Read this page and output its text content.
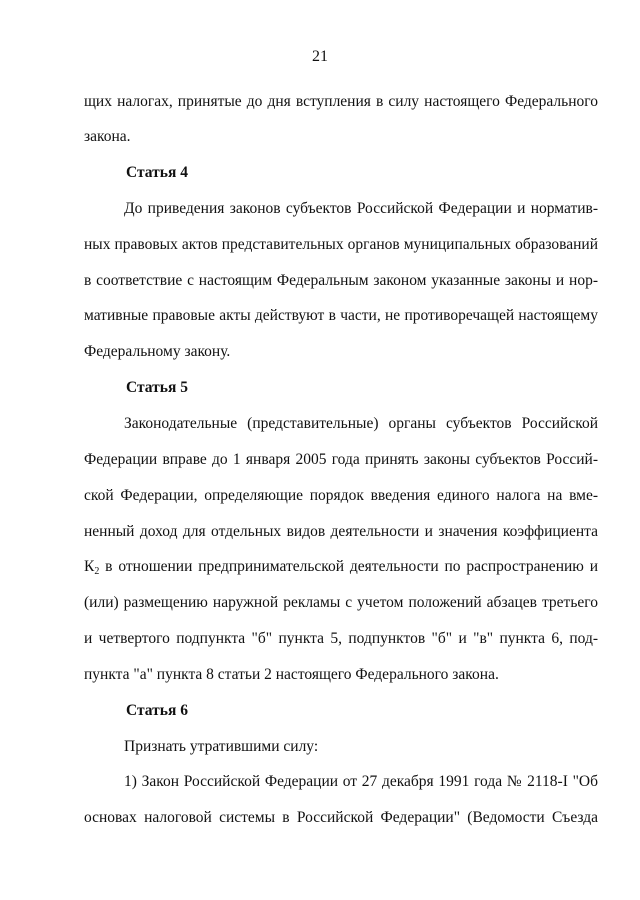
21
щих налогах, принятые до дня вступления в силу настоящего Федерального
закона.
Статья 4
До приведения законов субъектов Российской Федерации и норматив-
ных правовых актов представительных органов муниципальных образований
в соответствие с настоящим Федеральным законом указанные законы и нор-
мативные правовые акты действуют в части, не противоречащей настоящему
Федеральному закону.
Статья 5
Законодательные (представительные) органы субъектов Российской
Федерации вправе до 1 января 2005 года принять законы субъектов Россий-
ской Федерации, определяющие порядок введения единого налога на вме-
ненный доход для отдельных видов деятельности и значения коэффициента
$К_2$ в отношении предпринимательской деятельности по распространению и
(или) размещению наружной рекламы с учетом положений абзацев третьего
и четвертого подпункта "б" пункта 5, подпунктов "б" и "в" пункта 6, под-
пункта "а" пункта 8 статьи 2 настоящего Федерального закона.
Статья 6
Признать утратившими силу:
1) Закон Российской Федерации от 27 декабря 1991 года № 2118-I "Об
основах налоговой системы в Российской Федерации" (Ведомости Съезда
